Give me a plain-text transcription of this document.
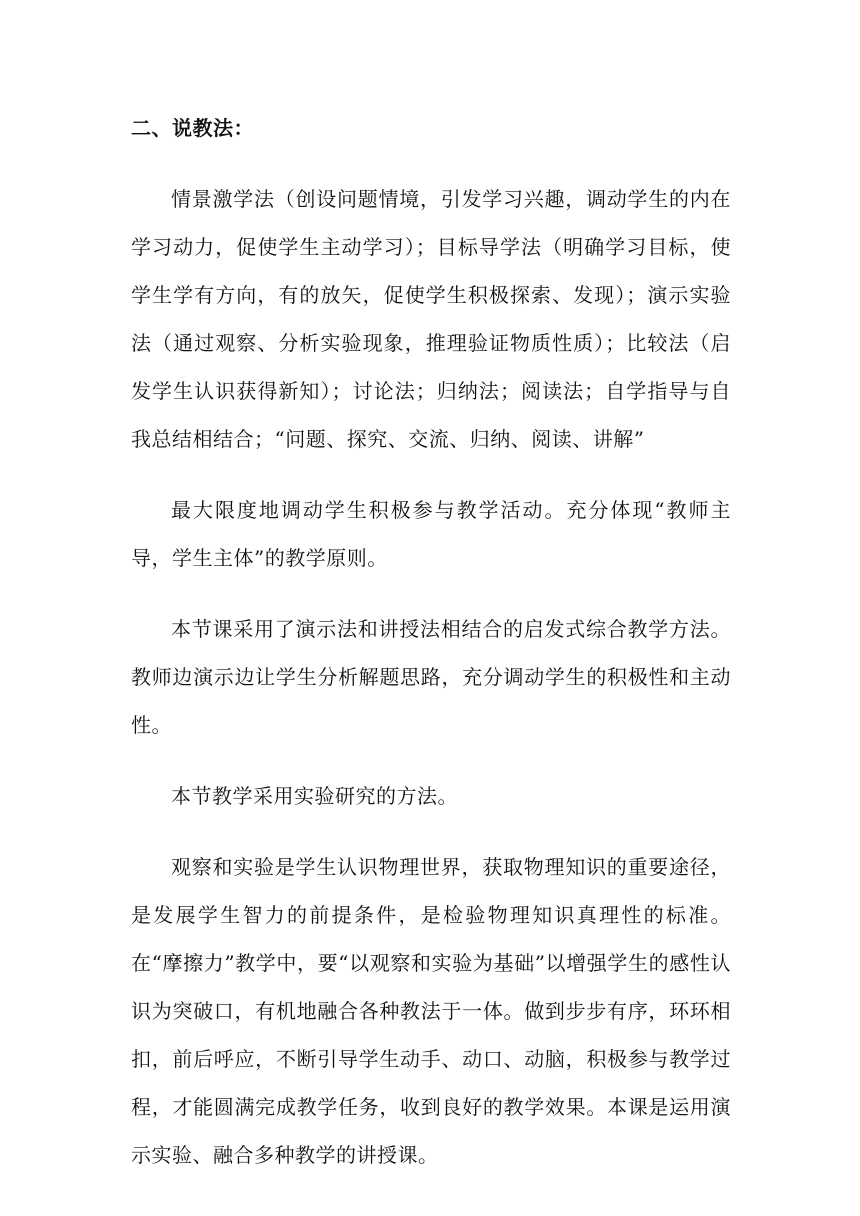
二、说教法：

情景激学法（创设问题情境，引发学习兴趣，调动学生的内在学习动力，促使学生主动学习）；目标导学法（明确学习目标，使学生学有方向，有的放矢，促使学生积极探索、发现）；演示实验法（通过观察、分析实验现象，推理验证物质性质）；比较法（启发学生认识获得新知）；讨论法；归纳法；阅读法；自学指导与自我总结相结合；“问题、探究、交流、归纳、阅读、讲解”

最大限度地调动学生积极参与教学活动。充分体现“教师主导，学生主体”的教学原则。

本节课采用了演示法和讲授法相结合的启发式综合教学方法。教师边演示边让学生分析解题思路，充分调动学生的积极性和主动性。

本节教学采用实验研究的方法。

观察和实验是学生认识物理世界，获取物理知识的重要途径，是发展学生智力的前提条件，是检验物理知识真理性的标准。在“摩擦力”教学中，要“以观察和实验为基础”以增强学生的感性认识为突破口，有机地融合各种教法于一体。做到步步有序，环环相扣，前后呼应，不断引导学生动手、动口、动脑，积极参与教学过程，才能圆满完成教学任务，收到良好的教学效果。本课是运用演示实验、融合多种教学的讲授课。
